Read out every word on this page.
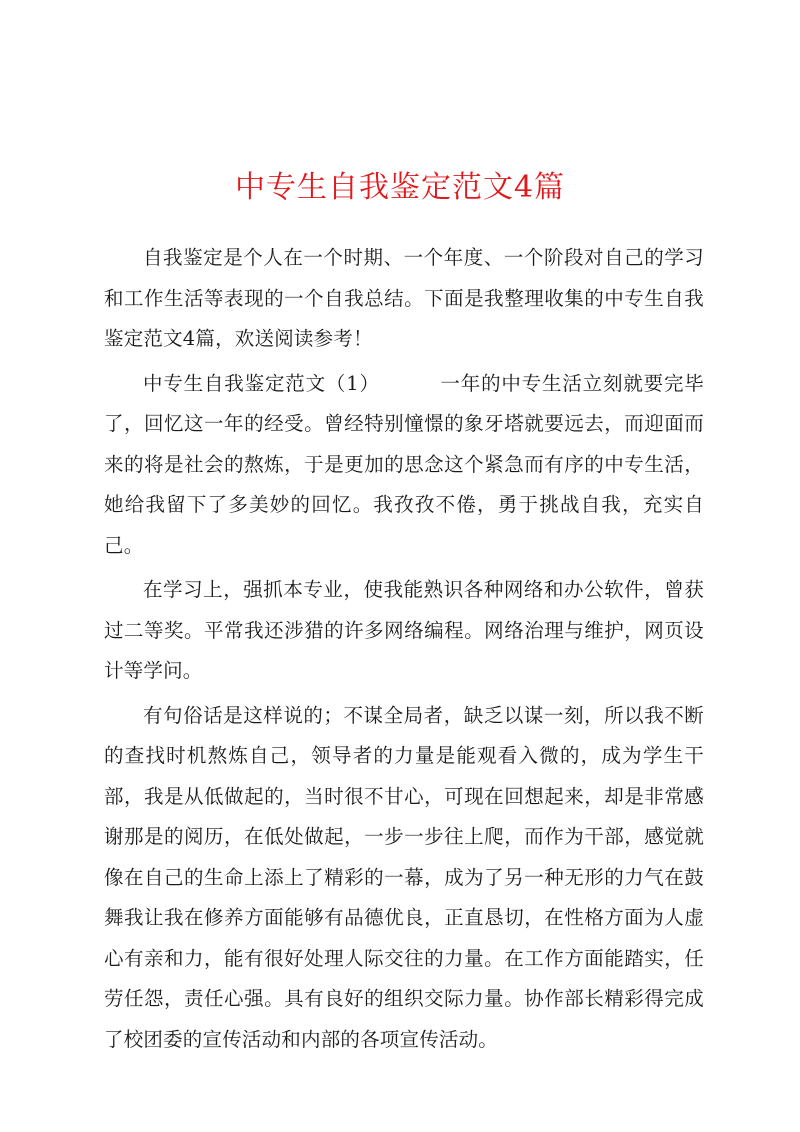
中专生自我鉴定范文4篇

自我鉴定是个人在一个时期、一个年度、一个阶段对自己的学习和工作生活等表现的一个自我总结。下面是我整理收集的中专生自我鉴定范文4篇，欢送阅读参考！

中专生自我鉴定范文（1）	一年的中专生活立刻就要完毕了，回忆这一年的经受。曾经特别憧憬的象牙塔就要远去，而迎面而来的将是社会的熬炼，于是更加的思念这个紧急而有序的中专生活，她给我留下了多美妙的回忆。我孜孜不倦，勇于挑战自我，充实自己。

在学习上，强抓本专业，使我能熟识各种网络和办公软件，曾获过二等奖。平常我还涉猎的许多网络编程。网络治理与维护，网页设计等学问。

有句俗话是这样说的；不谋全局者，缺乏以谋一刻，所以我不断的查找时机熬炼自己，领导者的力量是能观看入微的，成为学生干部，我是从低做起的，当时很不甘心，可现在回想起来，却是非常感谢那是的阅历，在低处做起，一步一步往上爬，而作为干部，感觉就像在自己的生命上添上了精彩的一幕，成为了另一种无形的力气在鼓舞我让我在修养方面能够有品德优良，正直恳切，在性格方面为人虚心有亲和力，能有很好处理人际交往的力量。在工作方面能踏实，任劳任怨，责任心强。具有良好的组织交际力量。协作部长精彩得完成了校团委的宣传活动和内部的各项宣传活动。
